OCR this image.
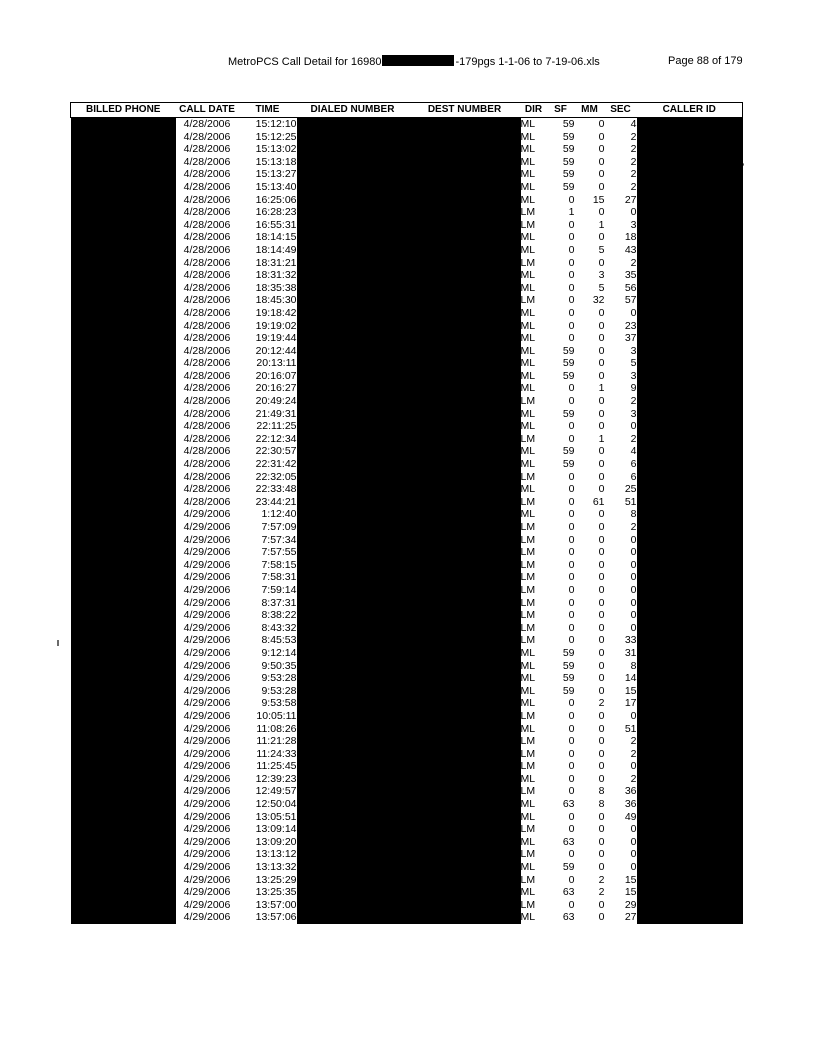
MetroPCS Call Detail for 16980	-179pgs 1-1-06 to 7-19-06.xls	Page 88 of 179
BILLED PHONE	CALL DATE	TIME	DIALED NUMBER	DEST NUMBER	DIR	SF	MM	SEC	CALLER ID
	4/28/2006	15:12:10			ML	59	0	4	
	4/28/2006	15:12:25			ML	59	0	2	
	4/28/2006	15:13:02			ML	59	0	2	
	4/28/2006	15:13:18			ML	59	0	2	
	4/28/2006	15:13:27			ML	59	0	2	
	4/28/2006	15:13:40			ML	59	0	2	
	4/28/2006	16:25:06			ML	0	15	27	
	4/28/2006	16:28:23			LM	1	0	0	
	4/28/2006	16:55:31			LM	0	1	3	
	4/28/2006	18:14:15			ML	0	0	18	
	4/28/2006	18:14:49			ML	0	5	43	
	4/28/2006	18:31:21			LM	0	0	2	
	4/28/2006	18:31:32			ML	0	3	35	
	4/28/2006	18:35:38			ML	0	5	56	
	4/28/2006	18:45:30			LM	0	32	57	
	4/28/2006	19:18:42			ML	0	0	0	
	4/28/2006	19:19:02			ML	0	0	23	
	4/28/2006	19:19:44			ML	0	0	37	
	4/28/2006	20:12:44			ML	59	0	3	
	4/28/2006	20:13:11			ML	59	0	5	
	4/28/2006	20:16:07			ML	59	0	3	
	4/28/2006	20:16:27			ML	0	1	9	
	4/28/2006	20:49:24			LM	0	0	2	
	4/28/2006	21:49:31			ML	59	0	3	
	4/28/2006	22:11:25			ML	0	0	0	
	4/28/2006	22:12:34			LM	0	1	2	
	4/28/2006	22:30:57			ML	59	0	4	
	4/28/2006	22:31:42			ML	59	0	6	
	4/28/2006	22:32:05			LM	0	0	6	
	4/28/2006	22:33:48			ML	0	0	25	
	4/28/2006	23:44:21			LM	0	61	51	
	4/29/2006	1:12:40			ML	0	0	8	
	4/29/2006	7:57:09			LM	0	0	2	
	4/29/2006	7:57:34			LM	0	0	0	
	4/29/2006	7:57:55			LM	0	0	0	
	4/29/2006	7:58:15			LM	0	0	0	
	4/29/2006	7:58:31			LM	0	0	0	
	4/29/2006	7:59:14			LM	0	0	0	
	4/29/2006	8:37:31			LM	0	0	0	
	4/29/2006	8:38:22			LM	0	0	0	
	4/29/2006	8:43:32			LM	0	0	0	
	4/29/2006	8:45:53			LM	0	0	33	
	4/29/2006	9:12:14			ML	59	0	31	
	4/29/2006	9:50:35			ML	59	0	8	
	4/29/2006	9:53:28			ML	59	0	14	
	4/29/2006	9:53:28			ML	59	0	15	
	4/29/2006	9:53:58			ML	0	2	17	
	4/29/2006	10:05:11			LM	0	0	0	
	4/29/2006	11:08:26			ML	0	0	51	
	4/29/2006	11:21:28			LM	0	0	2	
	4/29/2006	11:24:33			LM	0	0	2	
	4/29/2006	11:25:45			LM	0	0	0	
	4/29/2006	12:39:23			ML	0	0	2	
	4/29/2006	12:49:57			LM	0	8	36	
	4/29/2006	12:50:04			ML	63	8	36	
	4/29/2006	13:05:51			ML	0	0	49	
	4/29/2006	13:09:14			LM	0	0	0	
	4/29/2006	13:09:20			ML	63	0	0	
	4/29/2006	13:13:12			LM	0	0	0	
	4/29/2006	13:13:32			ML	59	0	0	
	4/29/2006	13:25:29			LM	0	2	15	
	4/29/2006	13:25:35			ML	63	2	15	
	4/29/2006	13:57:00			LM	0	0	29	
	4/29/2006	13:57:06			ML	63	0	27	
